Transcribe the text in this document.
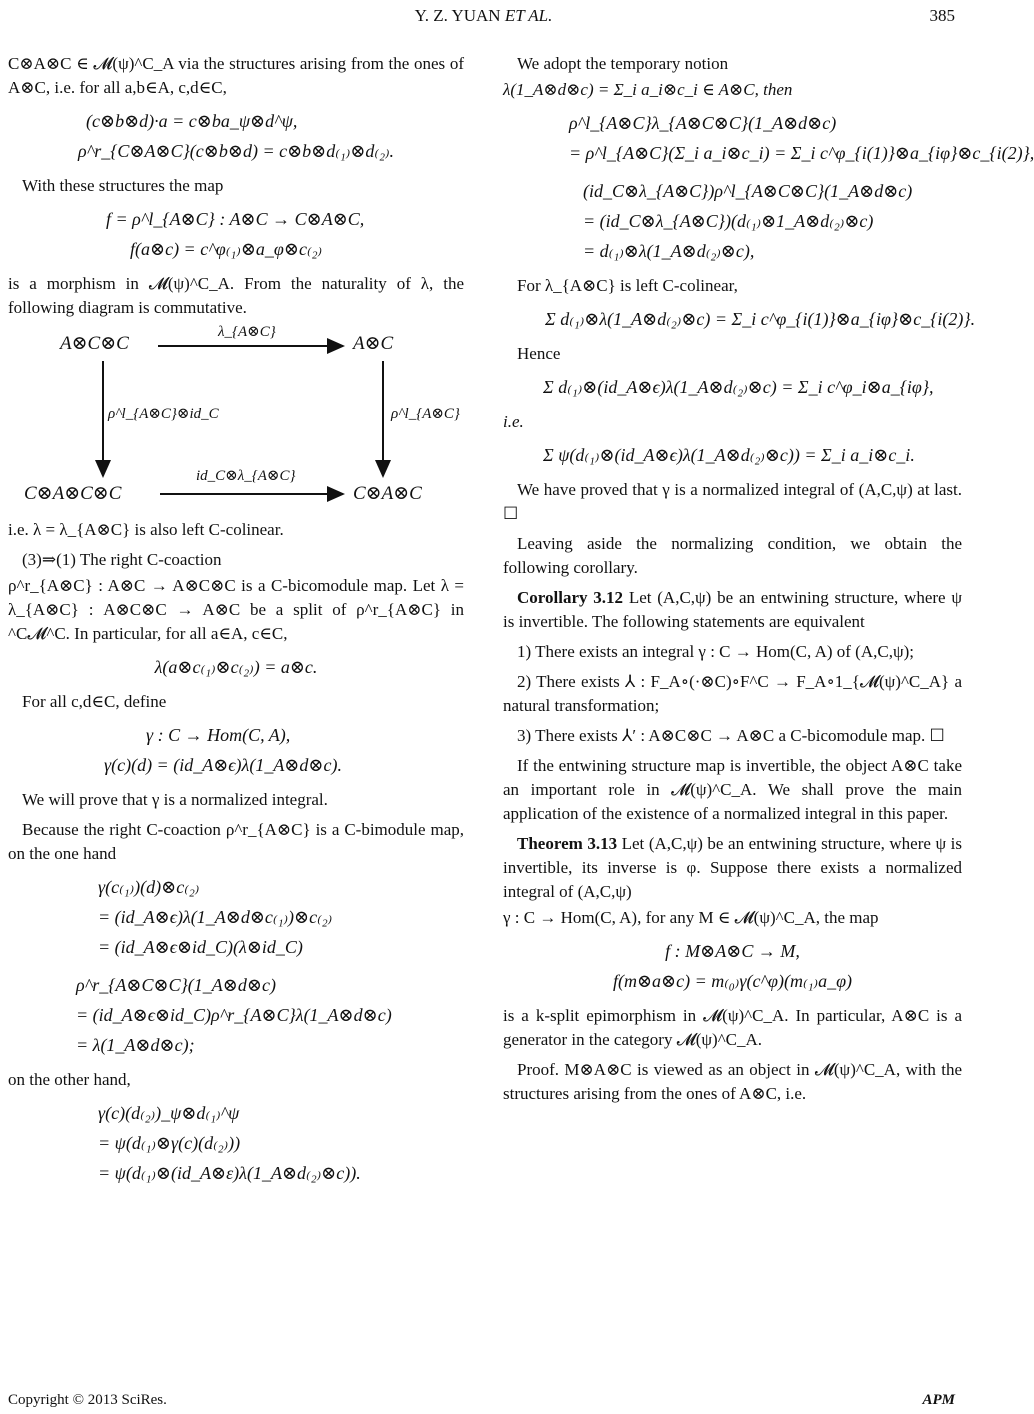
Y. Z. YUAN ET AL.	385

C⊗A⊗C ∈ 𝓜(ψ)^C_A via the structures arising from the ones of A⊗C, i.e. for all a,b∈A, c,d∈C,

(c⊗b⊗d)·a = c⊗ba_ψ⊗d^ψ,
ρ^r_{C⊗A⊗C}(c⊗b⊗d) = c⊗b⊗d₍₁₎⊗d₍₂₎.

With these structures the map

f = ρ^l_{A⊗C} : A⊗C → C⊗A⊗C,
f(a⊗c) = c^φ₍₁₎⊗a_φ⊗c₍₂₎

is a morphism in 𝓜(ψ)^C_A. From the naturality of λ, the following diagram is commutative.

A⊗C⊗C	A⊗C
C⊗A⊗C⊗C	C⊗A⊗C
λ_{A⊗C}
ρ^l_{A⊗C}⊗id_C	ρ^l_{A⊗C}
id_C⊗λ_{A⊗C}

i.e. λ = λ_{A⊗C} is also left C-colinear.

(3)⇒(1) The right C-coaction

ρ^r_{A⊗C} : A⊗C → A⊗C⊗C is a C-bicomodule map. Let λ = λ_{A⊗C} : A⊗C⊗C → A⊗C be a split of ρ^r_{A⊗C} in ^C𝓜^C. In particular, for all a∈A, c∈C,

λ(a⊗c₍₁₎⊗c₍₂₎) = a⊗c.

For all c,d∈C, define

γ : C → Hom(C, A),
γ(c)(d) = (id_A⊗ϵ)λ(1_A⊗d⊗c).

We will prove that γ is a normalized integral.

Because the right C-coaction ρ^r_{A⊗C} is a C-bimodule map, on the one hand

γ(c₍₁₎)(d)⊗c₍₂₎
= (id_A⊗ϵ)λ(1_A⊗d⊗c₍₁₎)⊗c₍₂₎
= (id_A⊗ϵ⊗id_C)(λ⊗id_C)
ρ^r_{A⊗C⊗C}(1_A⊗d⊗c)
= (id_A⊗ϵ⊗id_C)ρ^r_{A⊗C}λ(1_A⊗d⊗c)
= λ(1_A⊗d⊗c);

on the other hand,

γ(c)(d₍₂₎)_ψ⊗d₍₁₎^ψ
= ψ(d₍₁₎⊗γ(c)(d₍₂₎))
= ψ(d₍₁₎⊗(id_A⊗ε)λ(1_A⊗d₍₂₎⊗c)).

We adopt the temporary notion

λ(1_A⊗d⊗c) = Σ_i a_i⊗c_i ∈ A⊗C, then

ρ^l_{A⊗C}λ_{A⊗C⊗C}(1_A⊗d⊗c)
= ρ^l_{A⊗C}(Σ_i a_i⊗c_i) = Σ_i c^φ_{i(1)}⊗a_{iφ}⊗c_{i(2)},
(id_C⊗λ_{A⊗C})ρ^l_{A⊗C⊗C}(1_A⊗d⊗c)
= (id_C⊗λ_{A⊗C})(d₍₁₎⊗1_A⊗d₍₂₎⊗c)
= d₍₁₎⊗λ(1_A⊗d₍₂₎⊗c),

For λ_{A⊗C} is left C-colinear,

Σ d₍₁₎⊗λ(1_A⊗d₍₂₎⊗c) = Σ_i c^φ_{i(1)}⊗a_{iφ}⊗c_{i(2)}.

Hence

Σ d₍₁₎⊗(id_A⊗ϵ)λ(1_A⊗d₍₂₎⊗c) = Σ_i c^φ_i⊗a_{iφ},

i.e.

Σ ψ(d₍₁₎⊗(id_A⊗ϵ)λ(1_A⊗d₍₂₎⊗c)) = Σ_i a_i⊗c_i.

We have proved that γ is a normalized integral of (A,C,ψ) at last. ☐

Leaving aside the normalizing condition, we obtain the following corollary.

Corollary 3.12 Let (A,C,ψ) be an entwining structure, where ψ is invertible. The following statements are equivalent

1) There exists an integral γ : C → Hom(C, A) of (A,C,ψ);

2) There exists ⅄ : F_A∘(·⊗C)∘F^C → F_A∘1_{𝓜(ψ)^C_A} a natural transformation;

3) There exists ⅄′ : A⊗C⊗C → A⊗C a C-bicomodule map. ☐

If the entwining structure map is invertible, the object A⊗C take an important role in 𝓜(ψ)^C_A. We shall prove the main application of the existence of a normalized integral in this paper.

Theorem 3.13 Let (A,C,ψ) be an entwining structure, where ψ is invertible, its inverse is φ. Suppose there exists a normalized integral of (A,C,ψ)

γ : C → Hom(C, A), for any M ∈ 𝓜(ψ)^C_A, the map

f : M⊗A⊗C → M,
f(m⊗a⊗c) = m₍₀₎γ(c^φ)(m₍₁₎a_φ)

is a k-split epimorphism in 𝓜(ψ)^C_A. In particular, A⊗C is a generator in the category 𝓜(ψ)^C_A.

Proof. M⊗A⊗C is viewed as an object in 𝓜(ψ)^C_A, with the structures arising from the ones of A⊗C, i.e.

Copyright © 2013 SciRes.	APM
